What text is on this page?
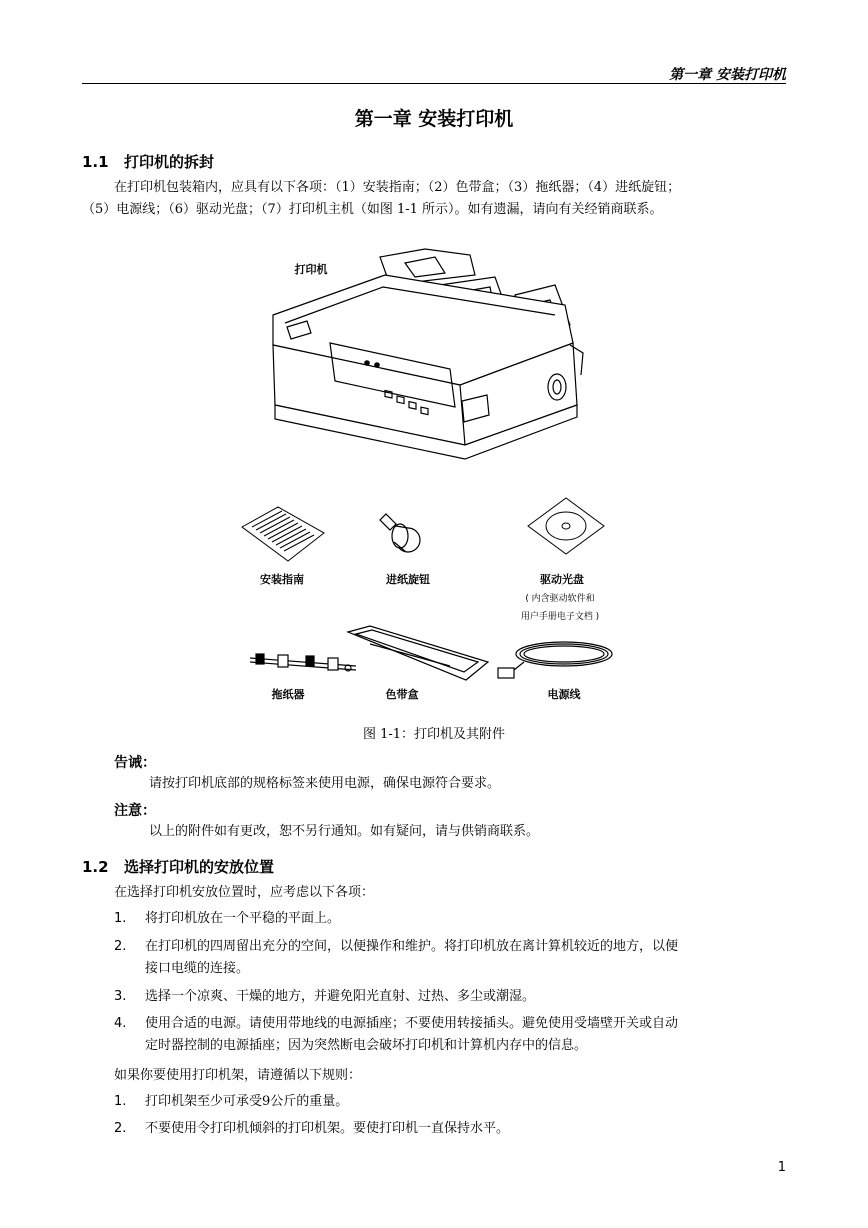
第一章 安装打印机
第一章 安装打印机
1.1 打印机的拆封
在打印机包装箱内，应具有以下各项：（1）安装指南；（2）色带盒；（3）拖纸器；（4）进纸旋钮；
（5）电源线；（6）驱动光盘；（7）打印机主机（如图 1-1 所示）。如有遗漏，请向有关经销商联系。
打印机
安装指南	进纸旋钮	驱动光盘
( 内含驱动软件和
用户手册电子文档 )
拖纸器	色带盒	电源线
图 1-1：打印机及其附件
告诫：
请按打印机底部的规格标签来使用电源，确保电源符合要求。
注意：
以上的附件如有更改，恕不另行通知。如有疑问，请与供销商联系。
1.2 选择打印机的安放位置
在选择打印机安放位置时，应考虑以下各项：
1.	将打印机放在一个平稳的平面上。
2.	在打印机的四周留出充分的空间，以便操作和维护。将打印机放在离计算机较近的地方，以便
接口电缆的连接。
3.	选择一个凉爽、干燥的地方，并避免阳光直射、过热、多尘或潮湿。
4.	使用合适的电源。请使用带地线的电源插座；不要使用转接插头。避免使用受墙壁开关或自动
定时器控制的电源插座；因为突然断电会破坏打印机和计算机内存中的信息。
如果你要使用打印机架，请遵循以下规则：
1.	打印机架至少可承受9公斤的重量。
2.	不要使用令打印机倾斜的打印机架。要使打印机一直保持水平。
1
